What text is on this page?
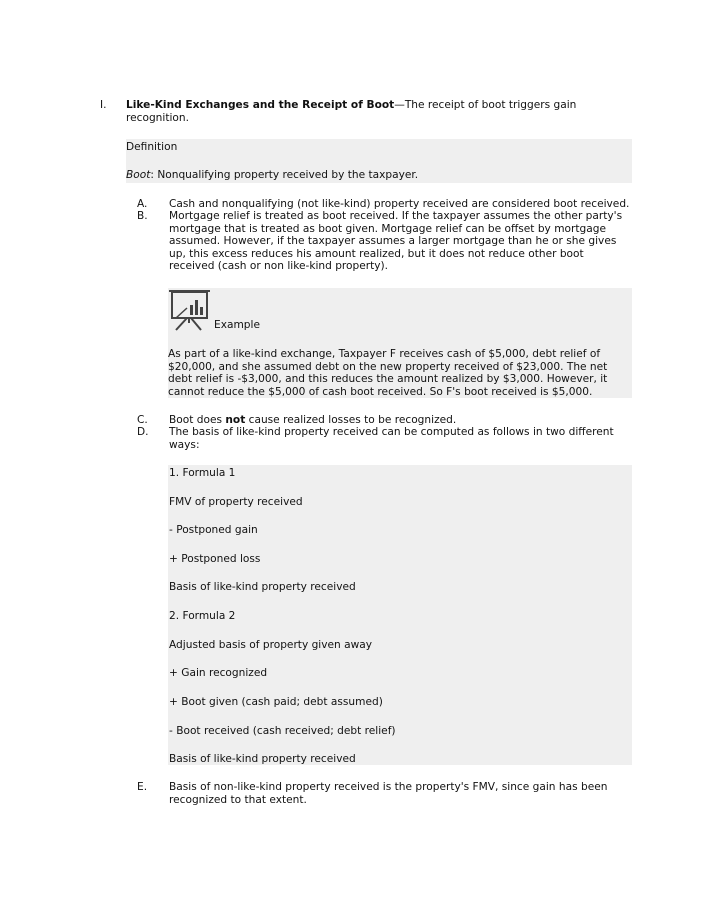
I. Like-Kind Exchanges and the Receipt of Boot—The receipt of boot triggers gain recognition.
Definition
Boot: Nonqualifying property received by the taxpayer.
A.	Cash and nonqualifying (not like-kind) property received are considered boot received.
B.	Mortgage relief is treated as boot received. If the taxpayer assumes the other party's mortgage that is treated as boot given. Mortgage relief can be offset by mortgage assumed. However, if the taxpayer assumes a larger mortgage than he or she gives up, this excess reduces his amount realized, but it does not reduce other boot received (cash or non like-kind property).
Example
As part of a like-kind exchange, Taxpayer F receives cash of $5,000, debt relief of $20,000, and she assumed debt on the new property received of $23,000. The net debt relief is -$3,000, and this reduces the amount realized by $3,000. However, it cannot reduce the $5,000 of cash boot received. So F's boot received is $5,000.
C.	Boot does not cause realized losses to be recognized.
D.	The basis of like-kind property received can be computed as follows in two different ways:
1. Formula 1
FMV of property received
- Postponed gain
+ Postponed loss
Basis of like-kind property received
2. Formula 2
Adjusted basis of property given away
+ Gain recognized
+ Boot given (cash paid; debt assumed)
- Boot received (cash received; debt relief)
Basis of like-kind property received
E.	Basis of non-like-kind property received is the property's FMV, since gain has been recognized to that extent.
